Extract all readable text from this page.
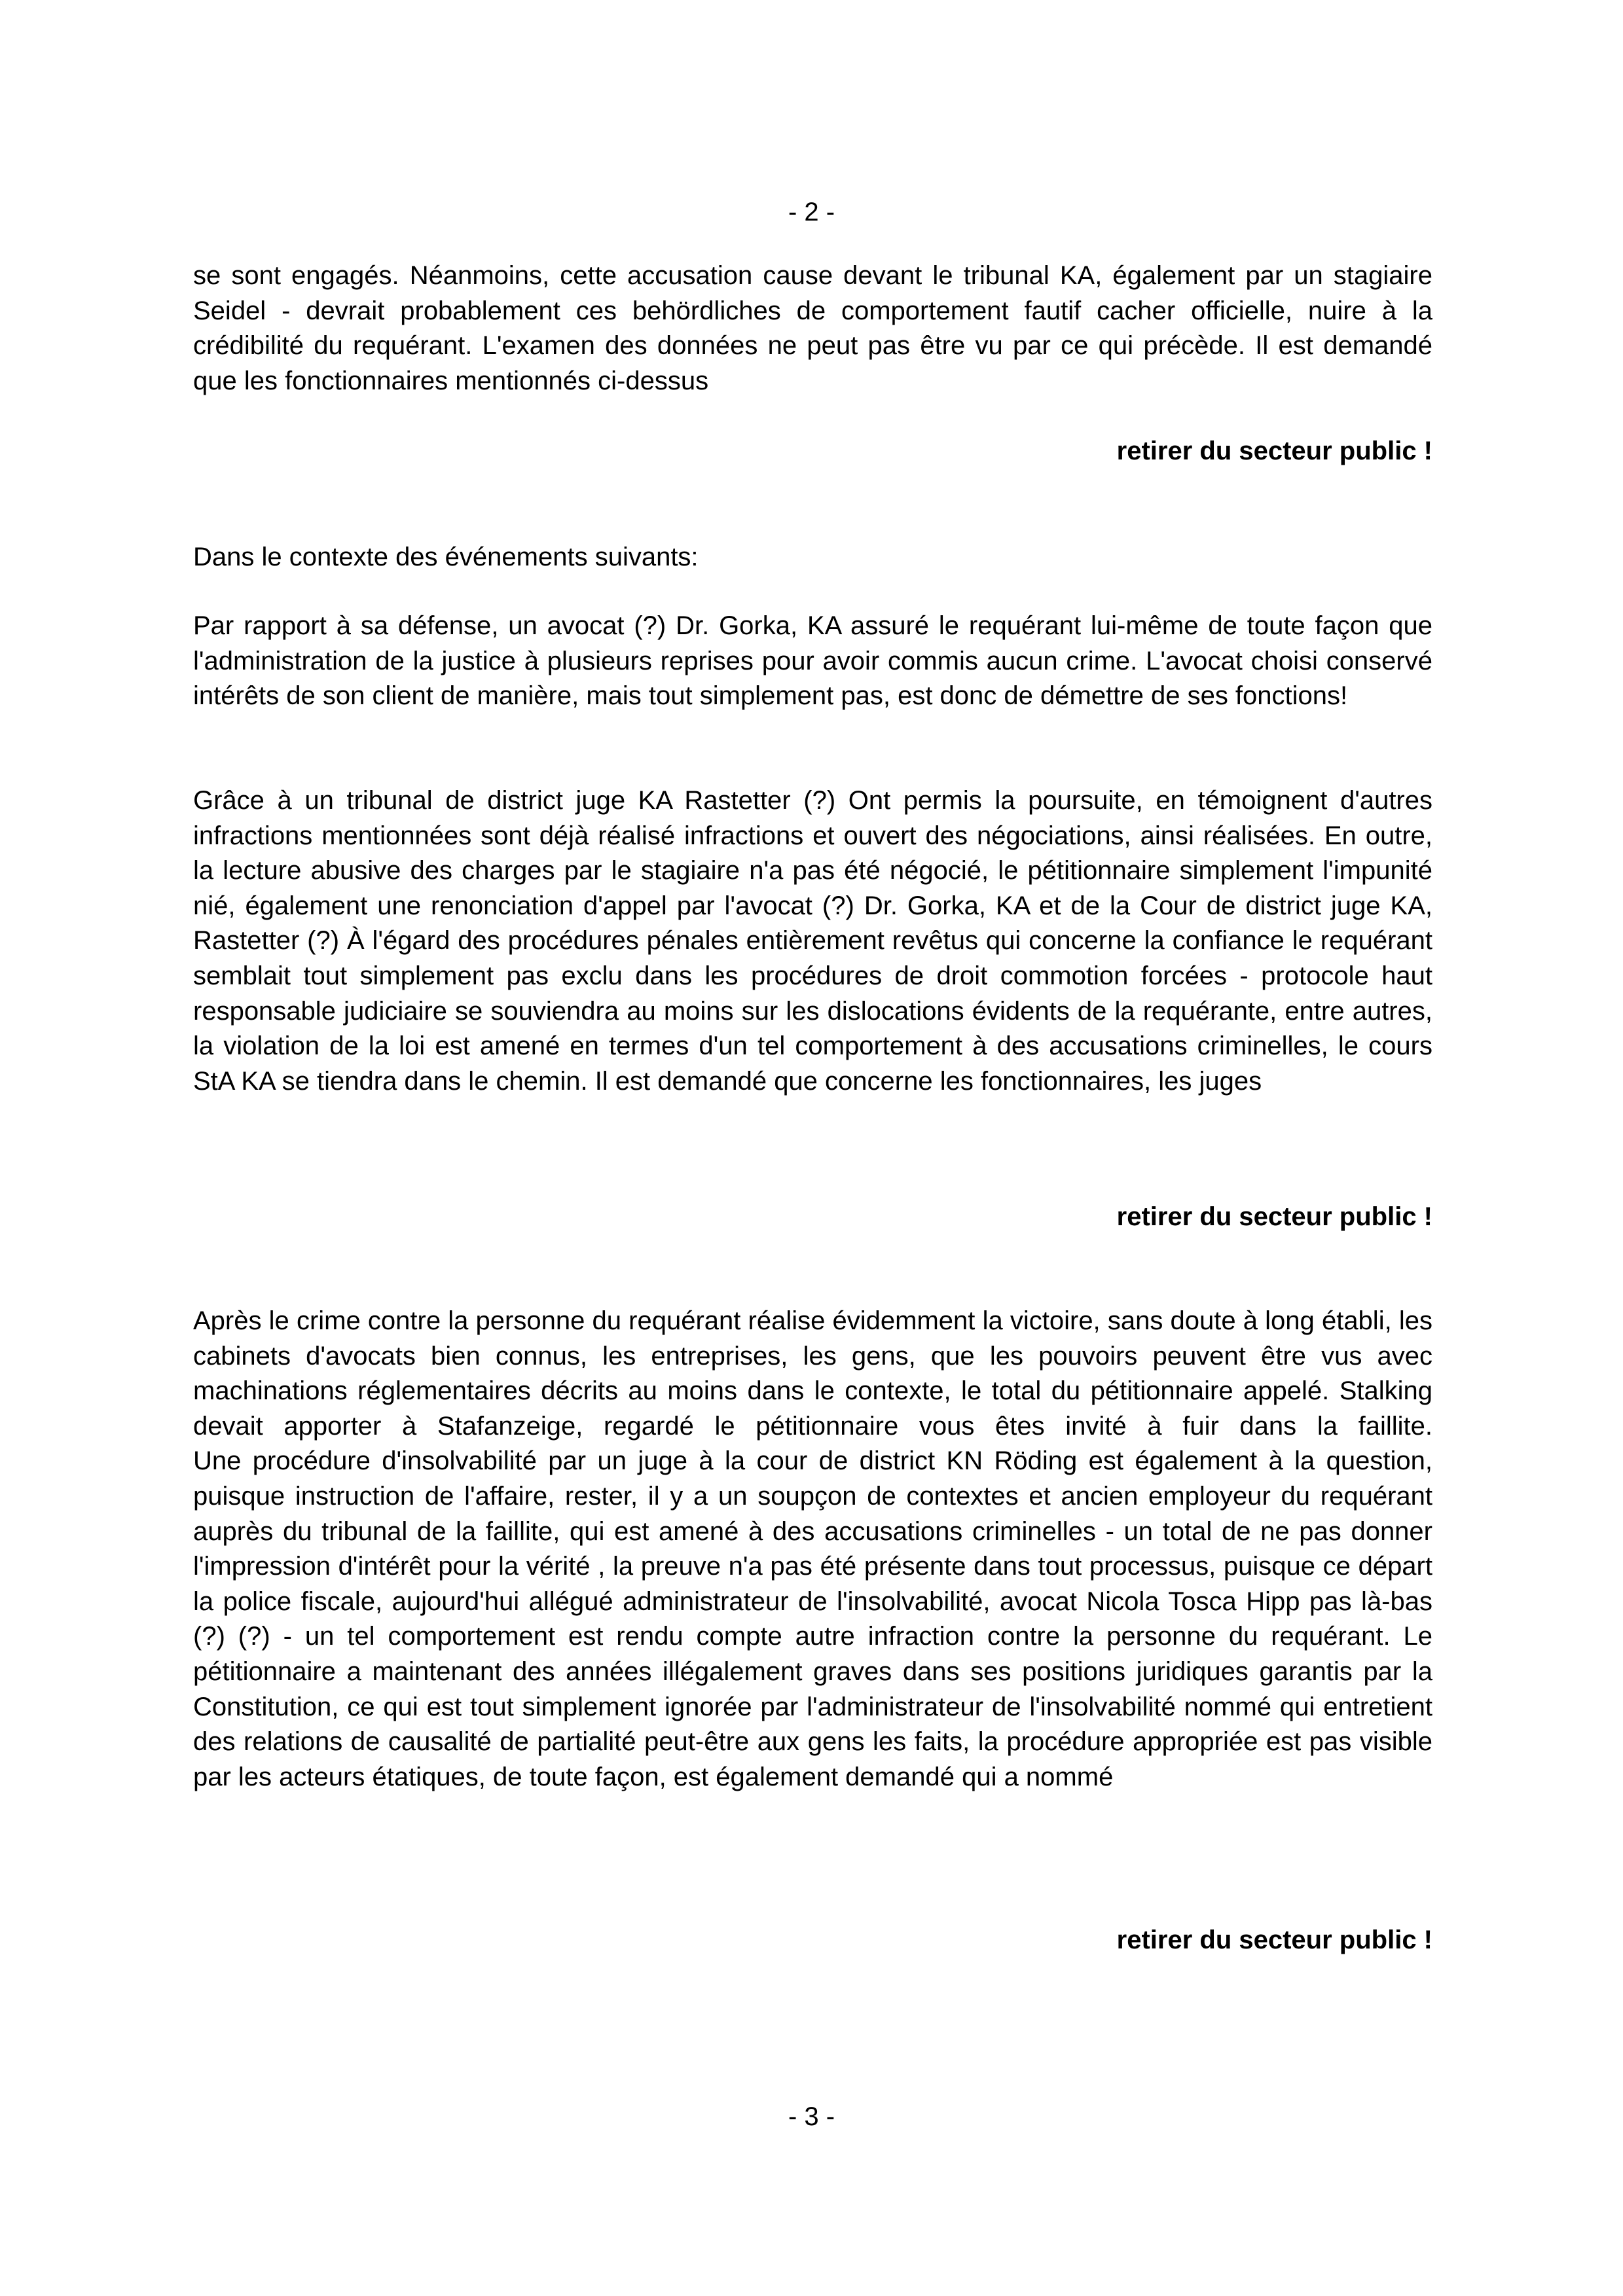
- 2 -

se sont engagés. Néanmoins, cette accusation cause devant le tribunal KA, également par un stagiaire Seidel - devrait probablement ces behördliches de comportement fautif cacher officielle, nuire à la crédibilité du requérant. L'examen des données ne peut pas être vu par ce qui précède. Il est demandé que les fonctionnaires mentionnés ci-dessus

retirer du secteur public !

Dans le contexte des événements suivants:

Par rapport à sa défense, un avocat (?) Dr. Gorka, KA assuré le requérant lui-même de toute façon que l'administration de la justice à plusieurs reprises pour avoir commis aucun crime. L'avocat choisi conservé intérêts de son client de manière, mais tout simplement pas, est donc de démettre de ses fonctions!

Grâce à un tribunal de district juge KA Rastetter (?) Ont permis la poursuite, en témoignent d'autres infractions mentionnées sont déjà réalisé infractions et ouvert des négociations, ainsi réalisées. En outre, la lecture abusive des charges par le stagiaire n'a pas été négocié, le pétitionnaire simplement l'impunité nié, également une renonciation d'appel par l'avocat (?) Dr. Gorka, KA et de la Cour de district juge KA, Rastetter (?) À l'égard des procédures pénales entièrement revêtus qui concerne la confiance le requérant semblait tout simplement pas exclu dans les procédures de droit commotion forcées - protocole haut responsable judiciaire se souviendra au moins sur les dislocations évidents de la requérante, entre autres, la violation de la loi est amené en termes d'un tel comportement à des accusations criminelles, le cours StA KA se tiendra dans le chemin. Il est demandé que concerne les fonctionnaires, les juges

retirer du secteur public !

Après le crime contre la personne du requérant réalise évidemment la victoire, sans doute à long établi, les cabinets d'avocats bien connus, les entreprises, les gens, que les pouvoirs peuvent être vus avec machinations réglementaires décrits au moins dans le contexte, le total du pétitionnaire appelé. Stalking devait apporter à Stafanzeige, regardé le pétitionnaire vous êtes invité à fuir dans la faillite.

Une procédure d'insolvabilité par un juge à la cour de district KN Röding est également à la question, puisque instruction de l'affaire, rester, il y a un soupçon de contextes et ancien employeur du requérant auprès du tribunal de la faillite, qui est amené à des accusations criminelles - un total de ne pas donner l'impression d'intérêt pour la vérité , la preuve n'a pas été présente dans tout processus, puisque ce départ la police fiscale, aujourd'hui allégué administrateur de l'insolvabilité, avocat Nicola Tosca Hipp pas là-bas (?) (?) - un tel comportement est rendu compte autre infraction contre la personne du requérant. Le pétitionnaire a maintenant des années illégalement graves dans ses positions juridiques garantis par la Constitution, ce qui est tout simplement ignorée par l'administrateur de l'insolvabilité nommé qui entretient des relations de causalité de partialité peut-être aux gens les faits, la procédure appropriée est pas visible par les acteurs étatiques, de toute façon, est également demandé qui a nommé

retirer du secteur public !
- 3 -
